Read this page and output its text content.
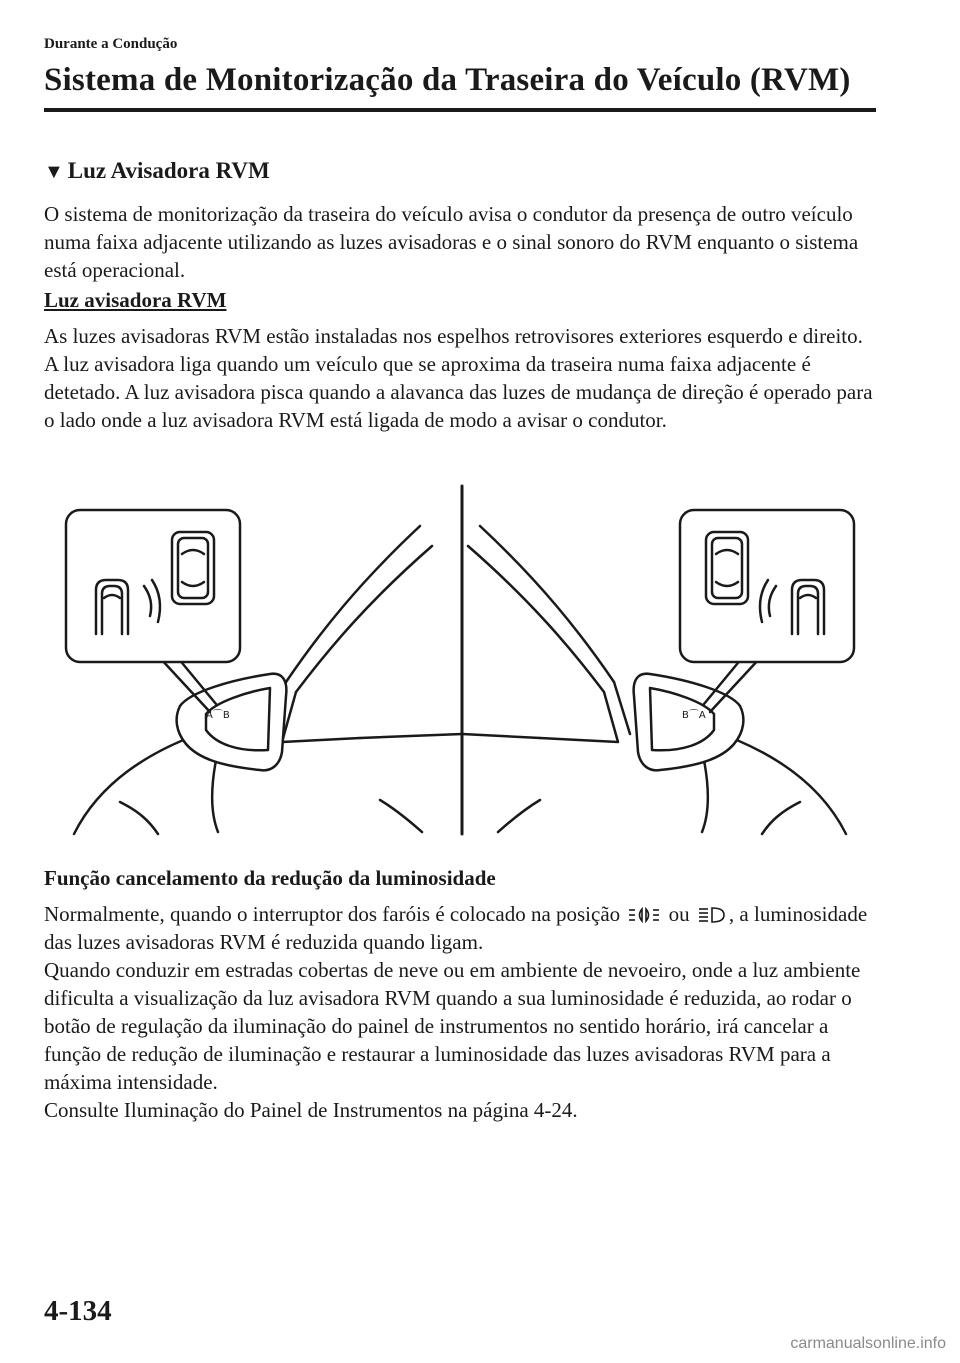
Durante a Condução
Sistema de Monitorização da Traseira do Veículo (RVM)
▼ Luz Avisadora RVM

O sistema de monitorização da traseira do veículo avisa o condutor da presença de outro veículo numa faixa adjacente utilizando as luzes avisadoras e o sinal sonoro do RVM enquanto o sistema está operacional.

Luz avisadora RVM

As luzes avisadoras RVM estão instaladas nos espelhos retrovisores exteriores esquerdo e direito. A luz avisadora liga quando um veículo que se aproxima da traseira numa faixa adjacente é detetado. A luz avisadora pisca quando a alavanca das luzes de mudança de direção é operado para o lado onde a luz avisadora RVM está ligada de modo a avisar o condutor.

A⌒B	B⌒A
Função cancelamento da redução da luminosidade

Normalmente, quando o interruptor dos faróis é colocado na posição  ou , a luminosidade das luzes avisadoras RVM é reduzida quando ligam.

Quando conduzir em estradas cobertas de neve ou em ambiente de nevoeiro, onde a luz ambiente dificulta a visualização da luz avisadora RVM quando a sua luminosidade é reduzida, ao rodar o botão de regulação da iluminação do painel de instrumentos no sentido horário, irá cancelar a função de redução de iluminação e restaurar a luminosidade das luzes avisadoras RVM para a máxima intensidade.
Consulte Iluminação do Painel de Instrumentos na página 4-24.

4-134
carmanualsonline.info
